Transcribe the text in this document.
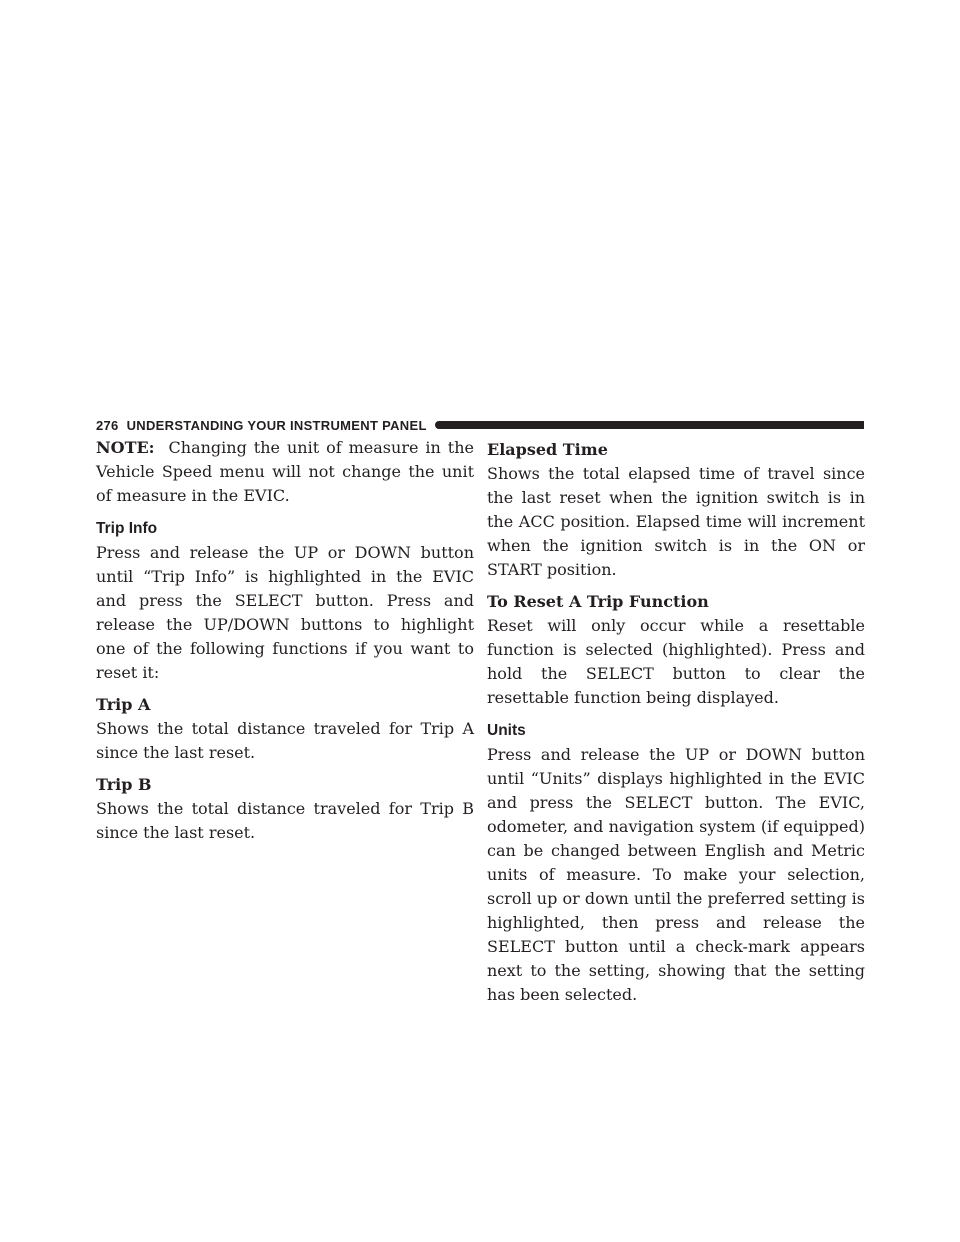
276 UNDERSTANDING YOUR INSTRUMENT PANEL

NOTE: Changing the unit of measure in the Vehicle Speed menu will not change the unit of measure in the EVIC.

Trip Info

Press and release the UP or DOWN button until “Trip Info” is highlighted in the EVIC and press the SELECT button. Press and release the UP/DOWN buttons to highlight one of the following functions if you want to reset it:

Trip A

Shows the total distance traveled for Trip A since the last reset.

Trip B

Shows the total distance traveled for Trip B since the last reset.

Elapsed Time

Shows the total elapsed time of travel since the last reset when the ignition switch is in the ACC position. Elapsed time will increment when the ignition switch is in the ON or START position.

To Reset A Trip Function

Reset will only occur while a resettable function is selected (highlighted). Press and hold the SELECT button to clear the resettable function being displayed.

Units

Press and release the UP or DOWN button until “Units” displays highlighted in the EVIC and press the SELECT button. The EVIC, odometer, and navigation system (if equipped) can be changed between English and Metric units of measure. To make your selection, scroll up or down until the preferred setting is highlighted, then press and release the SELECT button until a check-mark appears next to the setting, showing that the setting has been selected.
